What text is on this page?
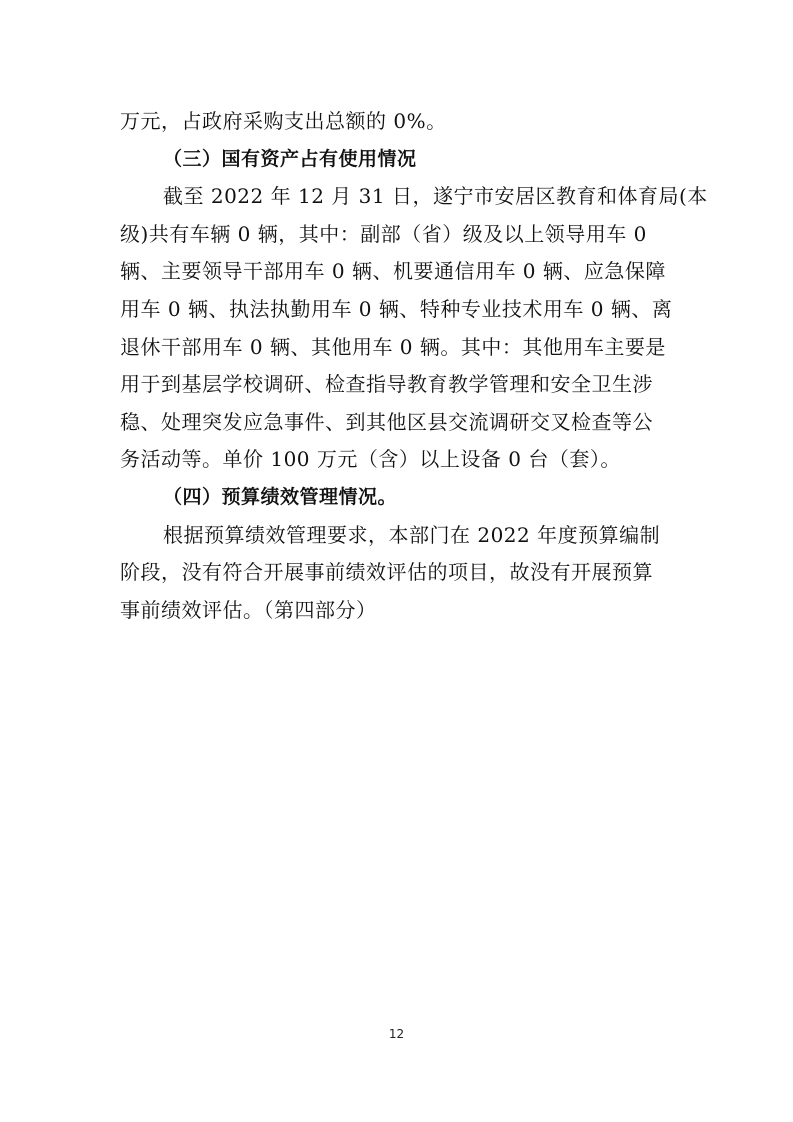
万元，占政府采购支出总额的 0%。
（三）国有资产占有使用情况
截至 2022 年 12 月 31 日，遂宁市安居区教育和体育局(本
级)共有车辆 0 辆，其中：副部（省）级及以上领导用车 0
辆、主要领导干部用车 0 辆、机要通信用车 0 辆、应急保障
用车 0 辆、执法执勤用车 0 辆、特种专业技术用车 0 辆、离
退休干部用车 0 辆、其他用车 0 辆。其中：其他用车主要是
用于到基层学校调研、检查指导教育教学管理和安全卫生涉
稳、处理突发应急事件、到其他区县交流调研交叉检查等公
务活动等。单价 100 万元（含）以上设备 0 台（套）。
（四）预算绩效管理情况。
根据预算绩效管理要求，本部门在 2022 年度预算编制
阶段，没有符合开展事前绩效评估的项目，故没有开展预算
事前绩效评估。（第四部分）
12
